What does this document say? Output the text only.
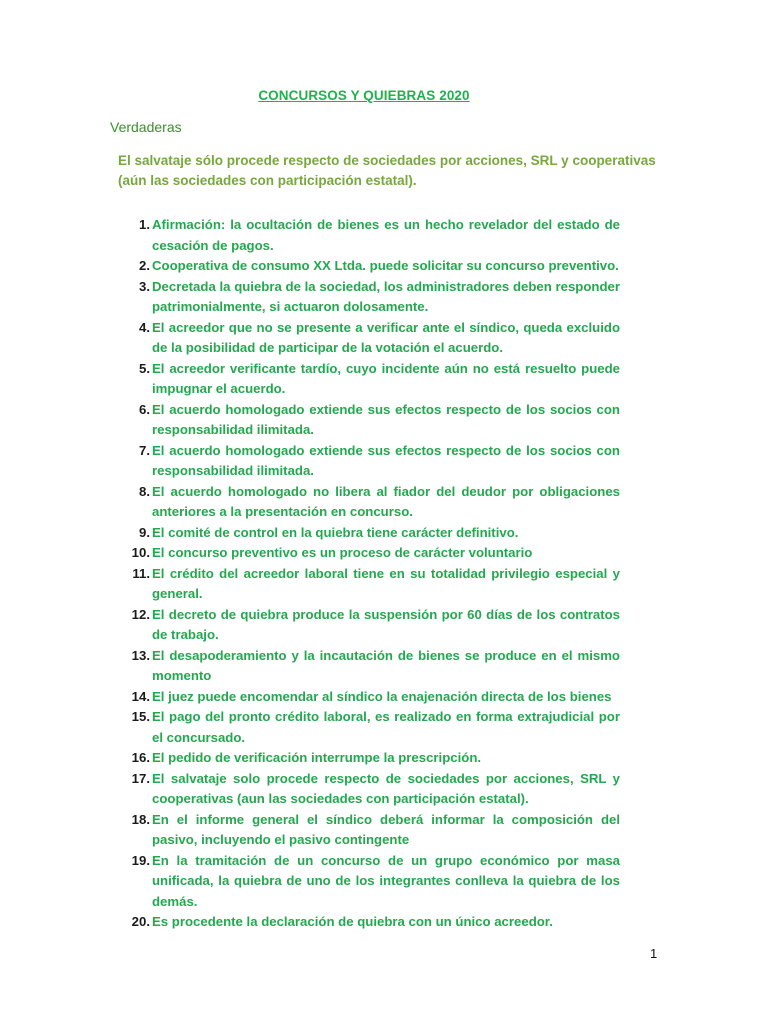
CONCURSOS Y QUIEBRAS 2020
Verdaderas
El salvataje sólo procede respecto de sociedades por acciones, SRL y cooperativas (aún las sociedades con participación estatal).
1. Afirmación: la ocultación de bienes es un hecho revelador del estado de cesación de pagos.
2. Cooperativa de consumo XX Ltda. puede solicitar su concurso preventivo.
3. Decretada la quiebra de la sociedad, los administradores deben responder patrimonialmente, si actuaron dolosamente.
4. El acreedor que no se presente a verificar ante el síndico, queda excluido de la posibilidad de participar de la votación el acuerdo.
5. El acreedor verificante tardío, cuyo incidente aún no está resuelto puede impugnar el acuerdo.
6. El acuerdo homologado extiende sus efectos respecto de los socios con responsabilidad ilimitada.
7. El acuerdo homologado extiende sus efectos respecto de los socios con responsabilidad ilimitada.
8. El acuerdo homologado no libera al fiador del deudor por obligaciones anteriores a la presentación en concurso.
9. El comité de control en la quiebra tiene carácter definitivo.
10. El concurso preventivo es un proceso de carácter voluntario
11. El crédito del acreedor laboral tiene en su totalidad privilegio especial y general.
12. El decreto de quiebra produce la suspensión por 60 días de los contratos de trabajo.
13. El desapoderamiento y la incautación de bienes se produce en el mismo momento
14. El juez puede encomendar al síndico la enajenación directa de los bienes
15. El pago del pronto crédito laboral, es realizado en forma extrajudicial por el concursado.
16. El pedido de verificación interrumpe la prescripción.
17. El salvataje solo procede respecto de sociedades por acciones, SRL y cooperativas (aun las sociedades con participación estatal).
18. En el informe general el síndico deberá informar la composición del pasivo, incluyendo el pasivo contingente
19. En la tramitación de un concurso de un grupo económico por masa unificada, la quiebra de uno de los integrantes conlleva la quiebra de los demás.
20. Es procedente la declaración de quiebra con un único acreedor.
1
